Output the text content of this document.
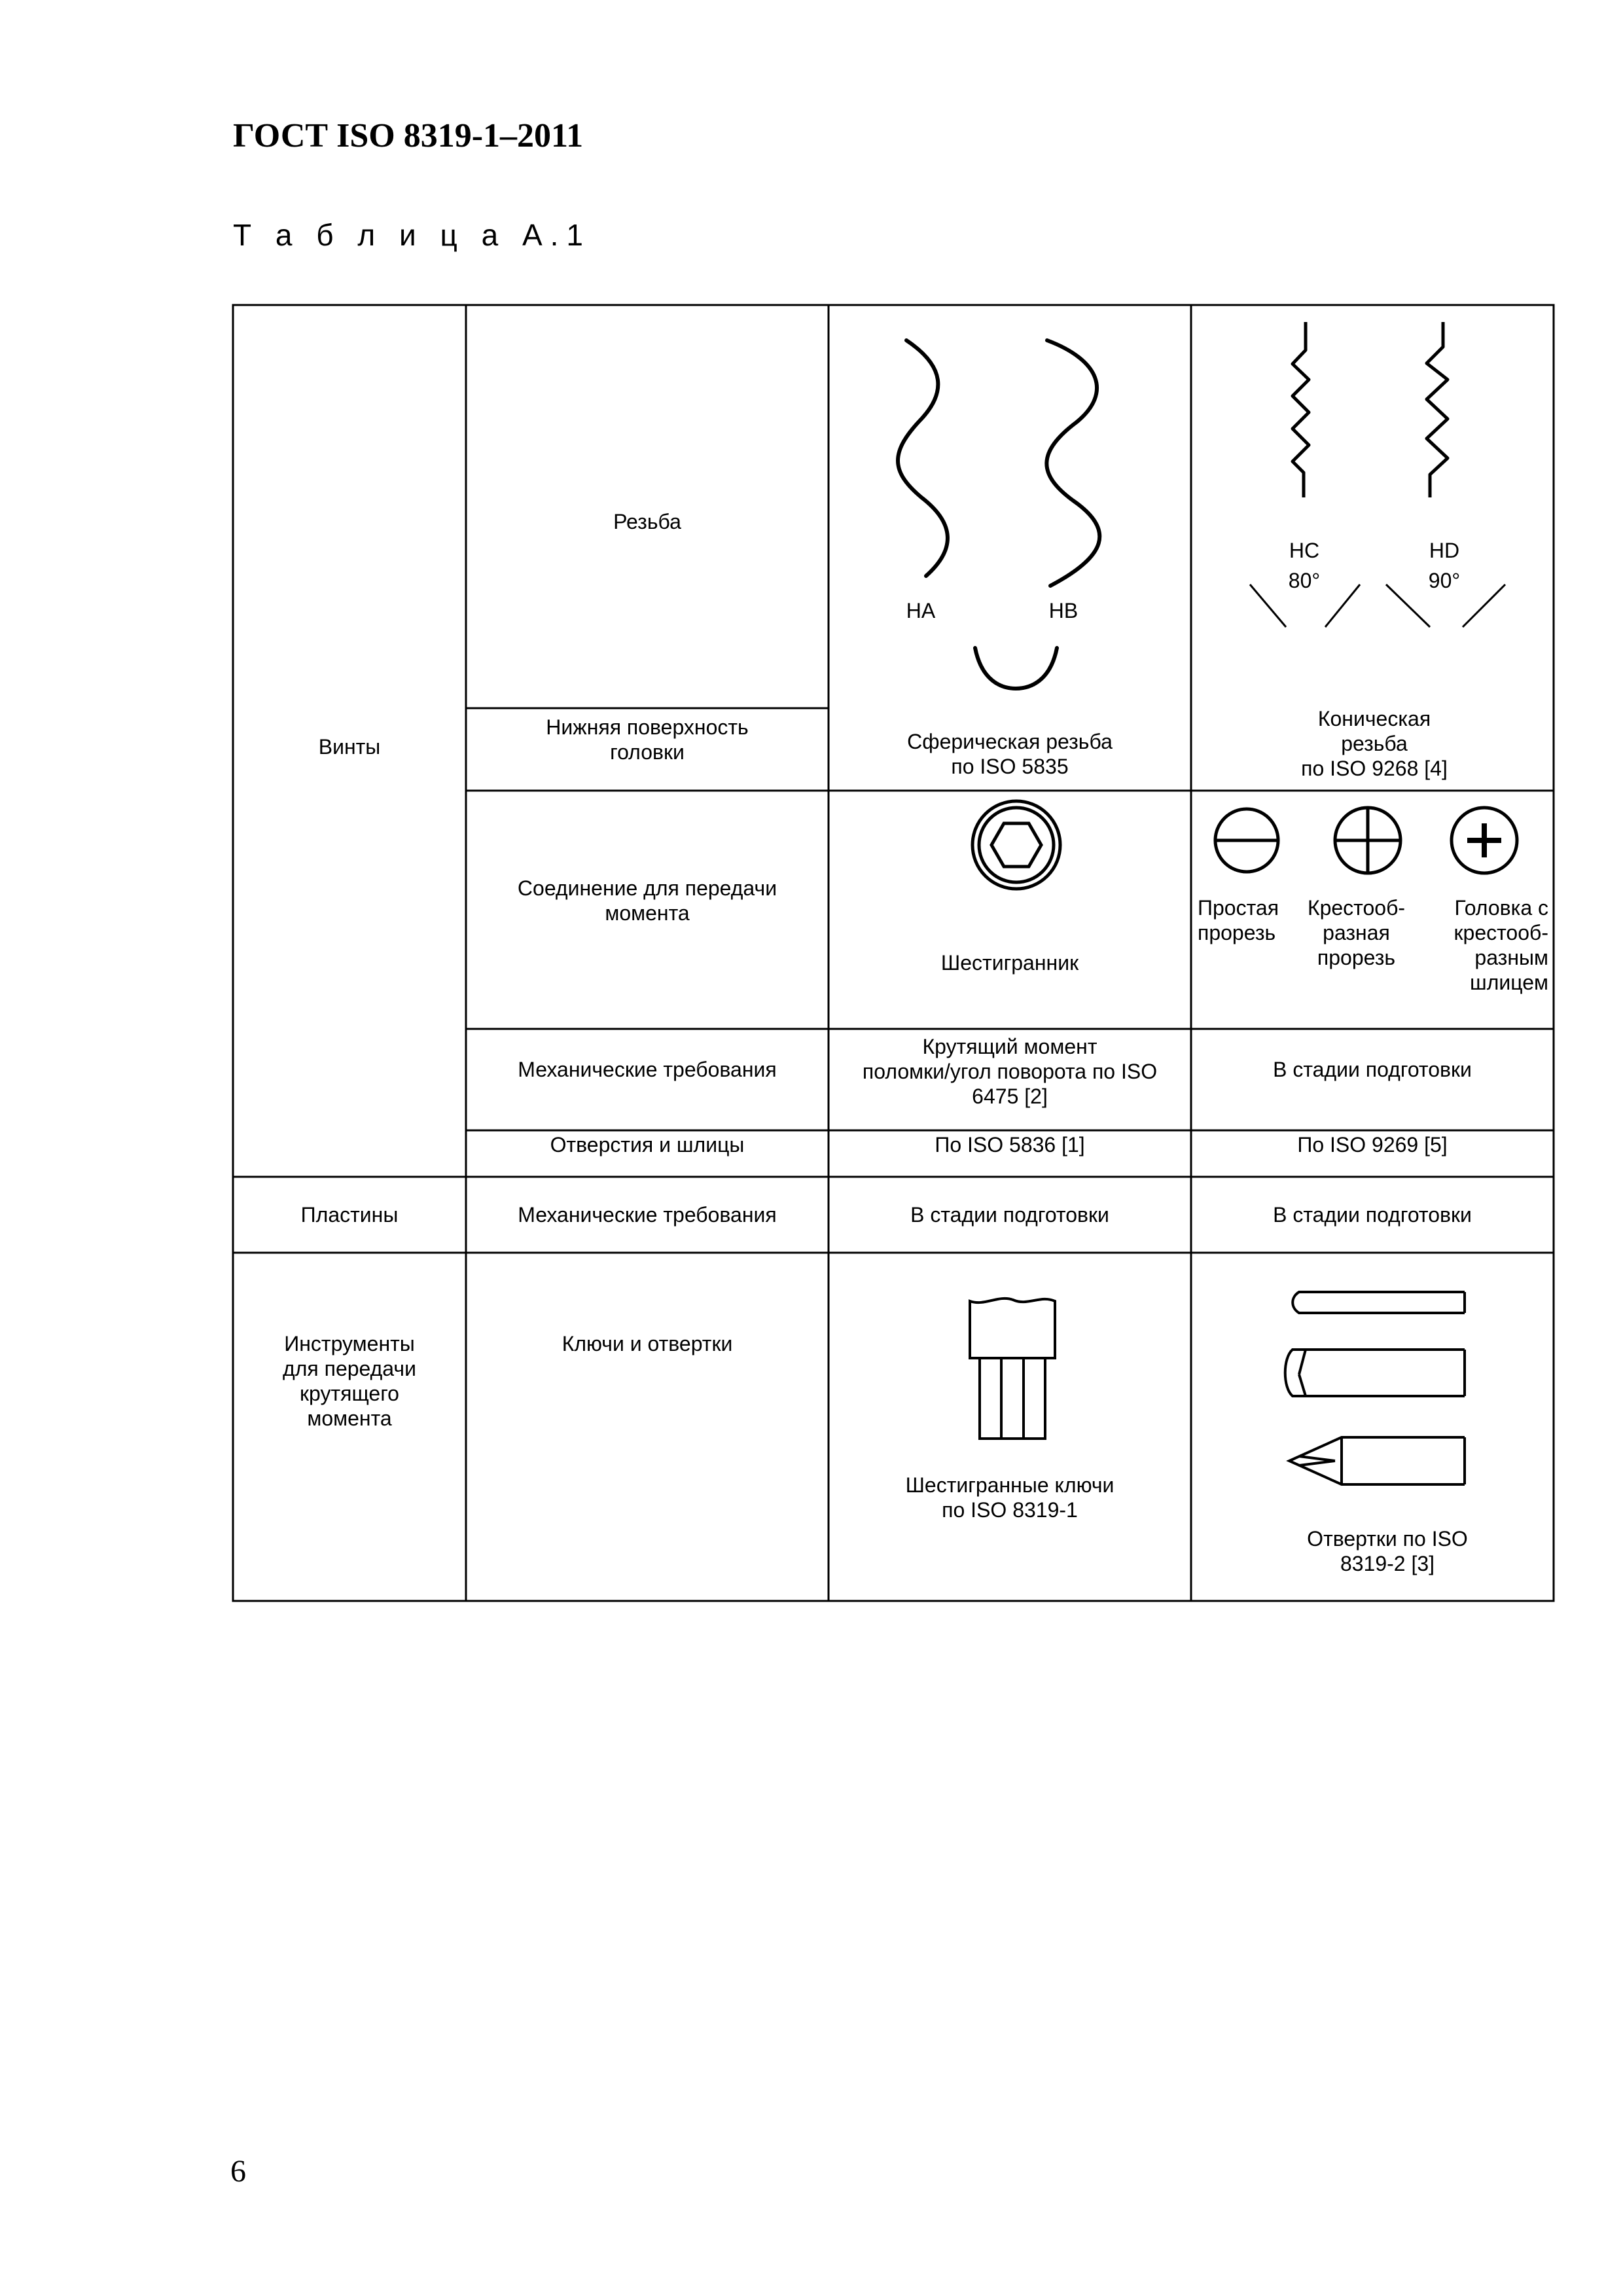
ГОСТ ISO 8319-1–2011
Т а б л и ц а А.1
Винты
Пластины
Инструменты
для передачи
крутящего
момента
Резьба
Нижняя поверхность
головки
Соединение для передачи
момента
Механические требования
Отверстия и шлицы
Механические требования
Ключи и отвертки
HA	HB
HC
80°
HD
90°
Сферическая резьба
по ISO 5835
Шестигранник
Крутящий момент
поломки/угол поворота по ISO
6475 [2]
По ISO 5836 [1]
В стадии подготовки
Шестигранные ключи
по ISO 8319-1
Коническая
резьба
по ISO 9268 [4]
Простая
прорезь
Крестооб-
разная
прорезь
Головка с
крестооб-
разным
шлицем
В стадии подготовки
По ISO 9269 [5]
В стадии подготовки
Отвертки по ISO
8319-2 [3]
6
